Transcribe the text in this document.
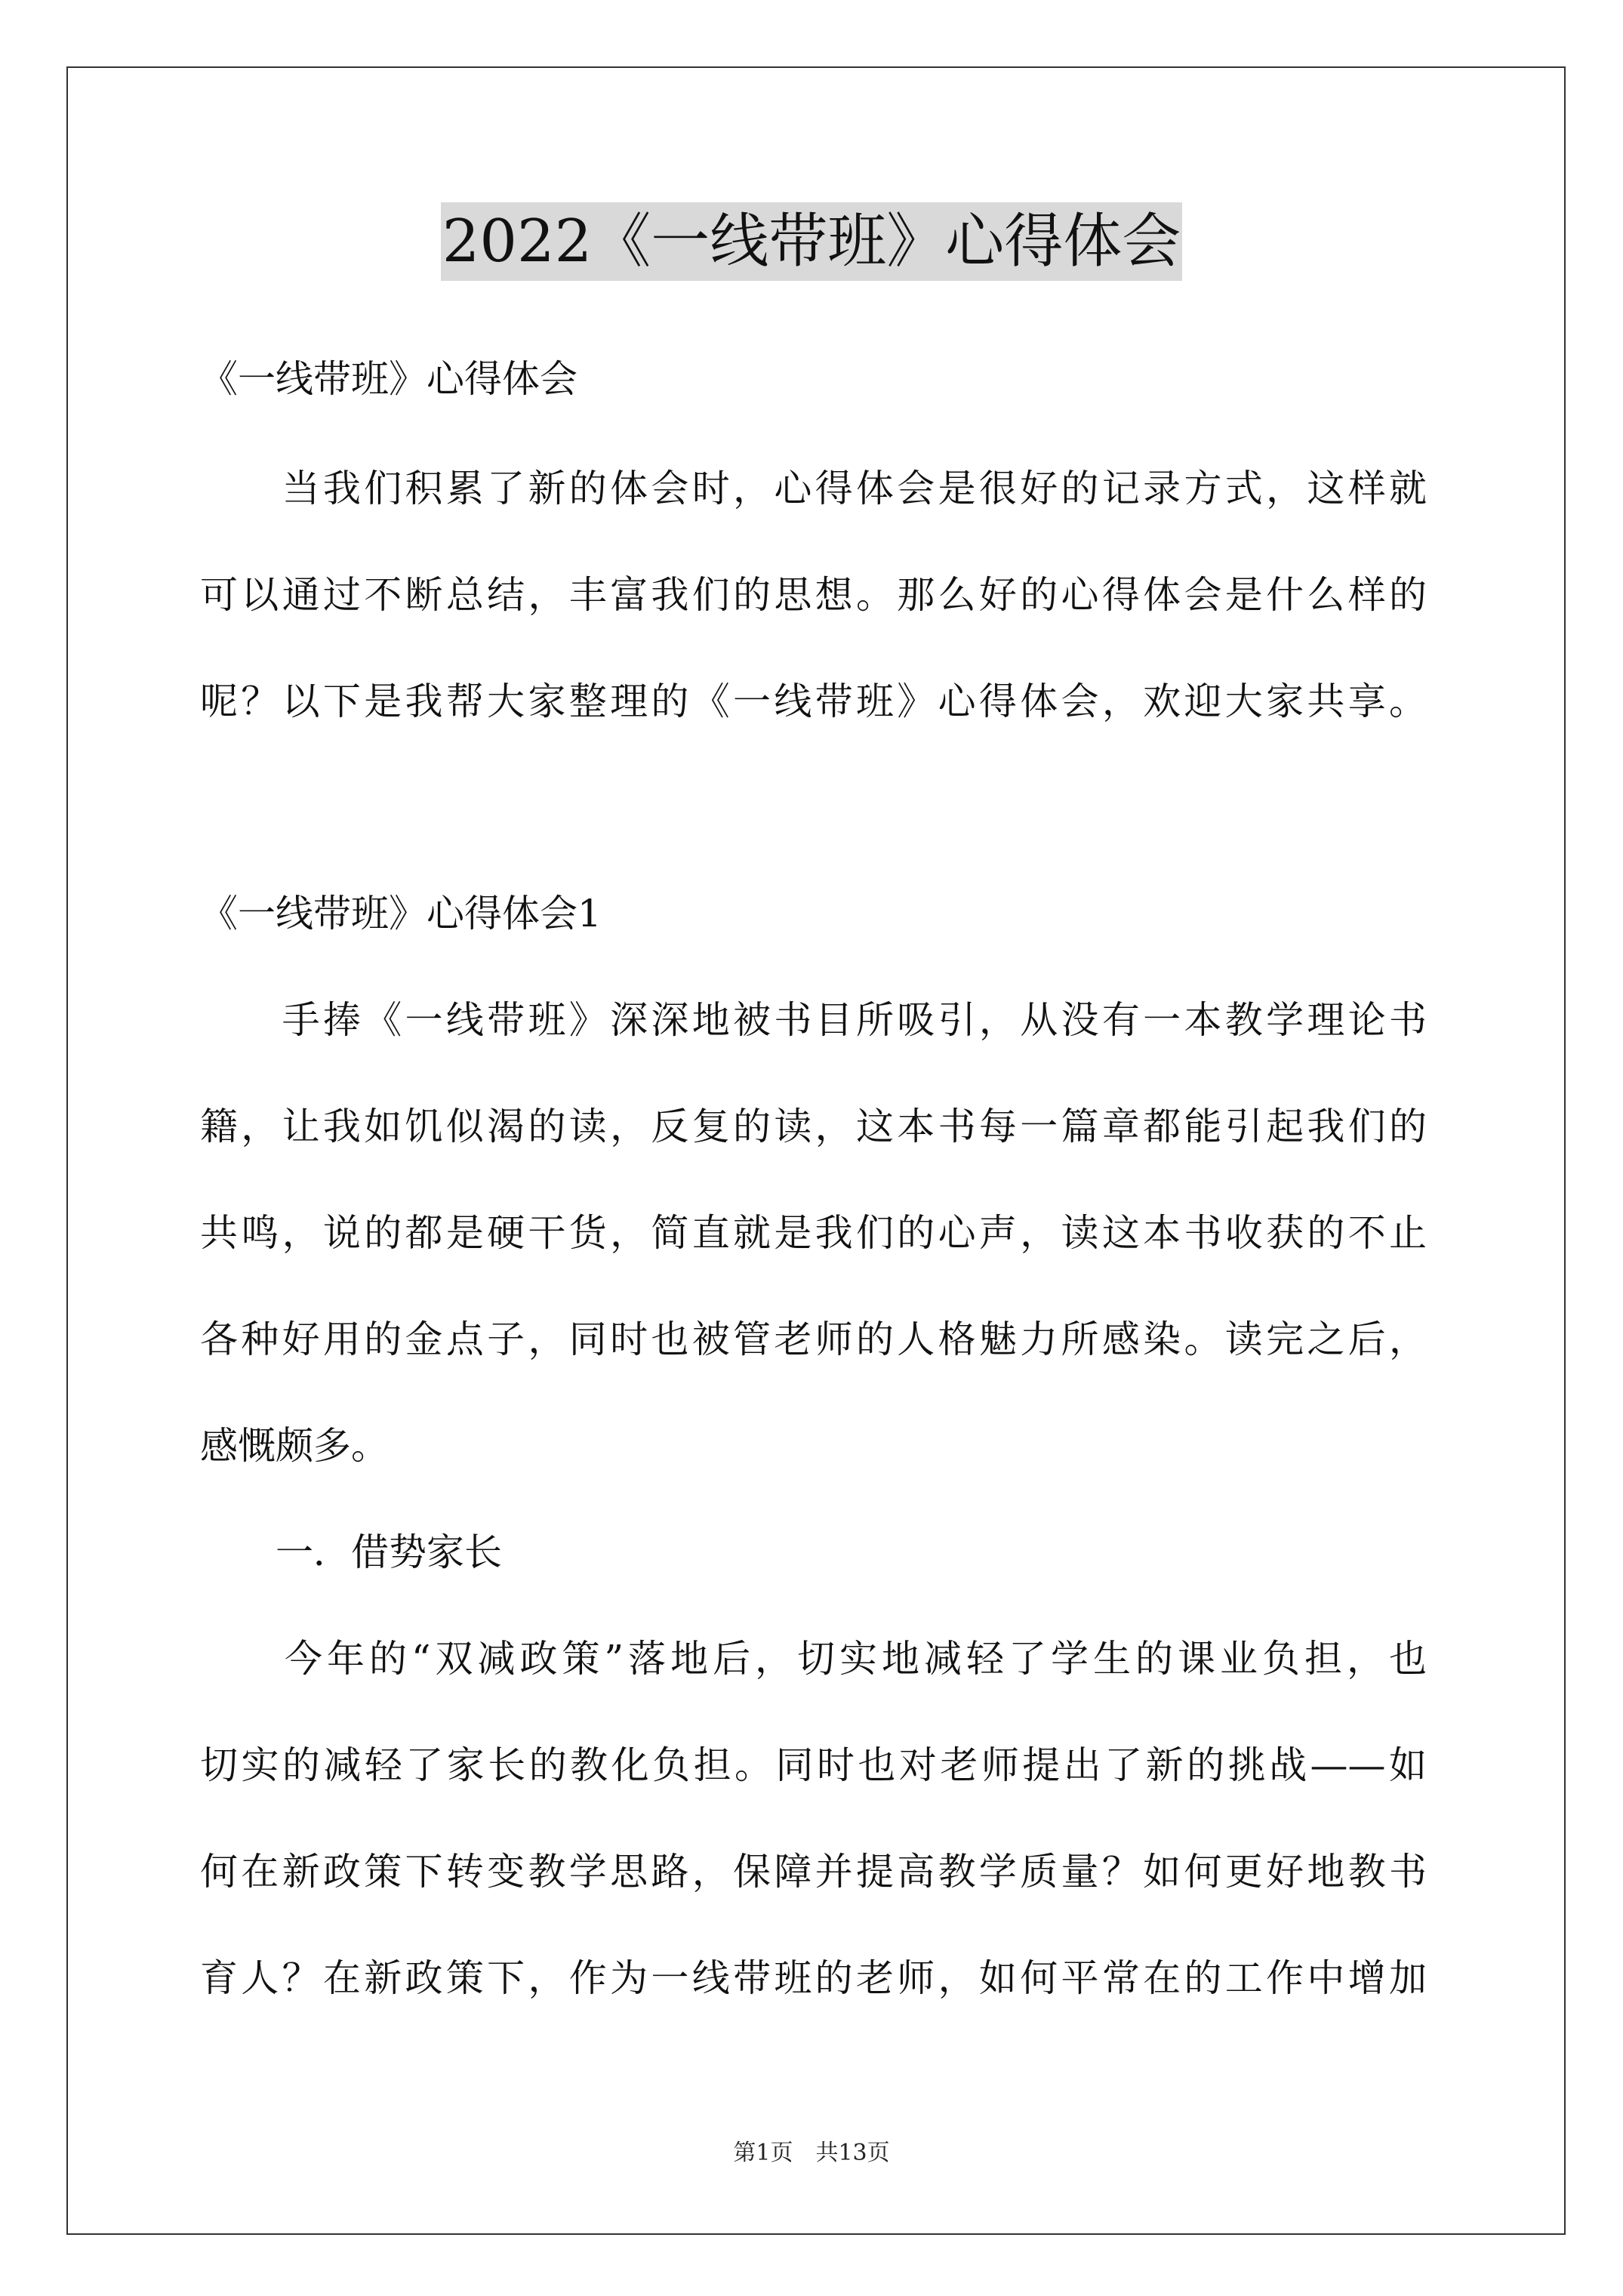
2022《一线带班》心得体会
《一线带班》心得体会
　　当我们积累了新的体会时，心得体会是很好的记录方式，这样就
可以通过不断总结，丰富我们的思想。那么好的心得体会是什么样的
呢？以下是我帮大家整理的《一线带班》心得体会，欢迎大家共享。
《一线带班》心得体会1
　　手捧《一线带班》深深地被书目所吸引，从没有一本教学理论书
籍，让我如饥似渴的读，反复的读，这本书每一篇章都能引起我们的
共鸣，说的都是硬干货，简直就是我们的心声，读这本书收获的不止
各种好用的金点子，同时也被管老师的人格魅力所感染。读完之后，
感慨颇多。
　　一．借势家长
　　今年的“双减政策”落地后，切实地减轻了学生的课业负担，也
切实的减轻了家长的教化负担。同时也对老师提出了新的挑战——如
何在新政策下转变教学思路，保障并提高教学质量？如何更好地教书
育人？在新政策下，作为一线带班的老师，如何平常在的工作中增加
第1页　共13页
